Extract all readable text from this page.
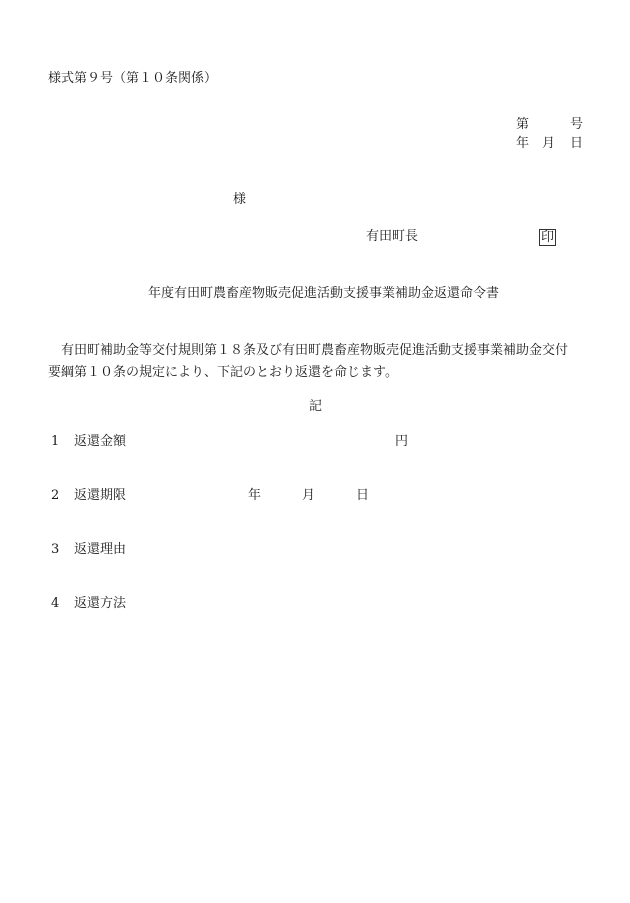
様式第９号（第１０条関係）
第	号
年 月 日
様
有田町長	印
年度有田町農畜産物販売促進活動支援事業補助金返還命令書
有田町補助金等交付規則第１８条及び有田町農畜産物販売促進活動支援事業補助金交付
要綱第１０条の規定により、下記のとおり返還を命じます。
記
1 返還金額	円
2 返還期限	年	月	日
3 返還理由
4 返還方法
